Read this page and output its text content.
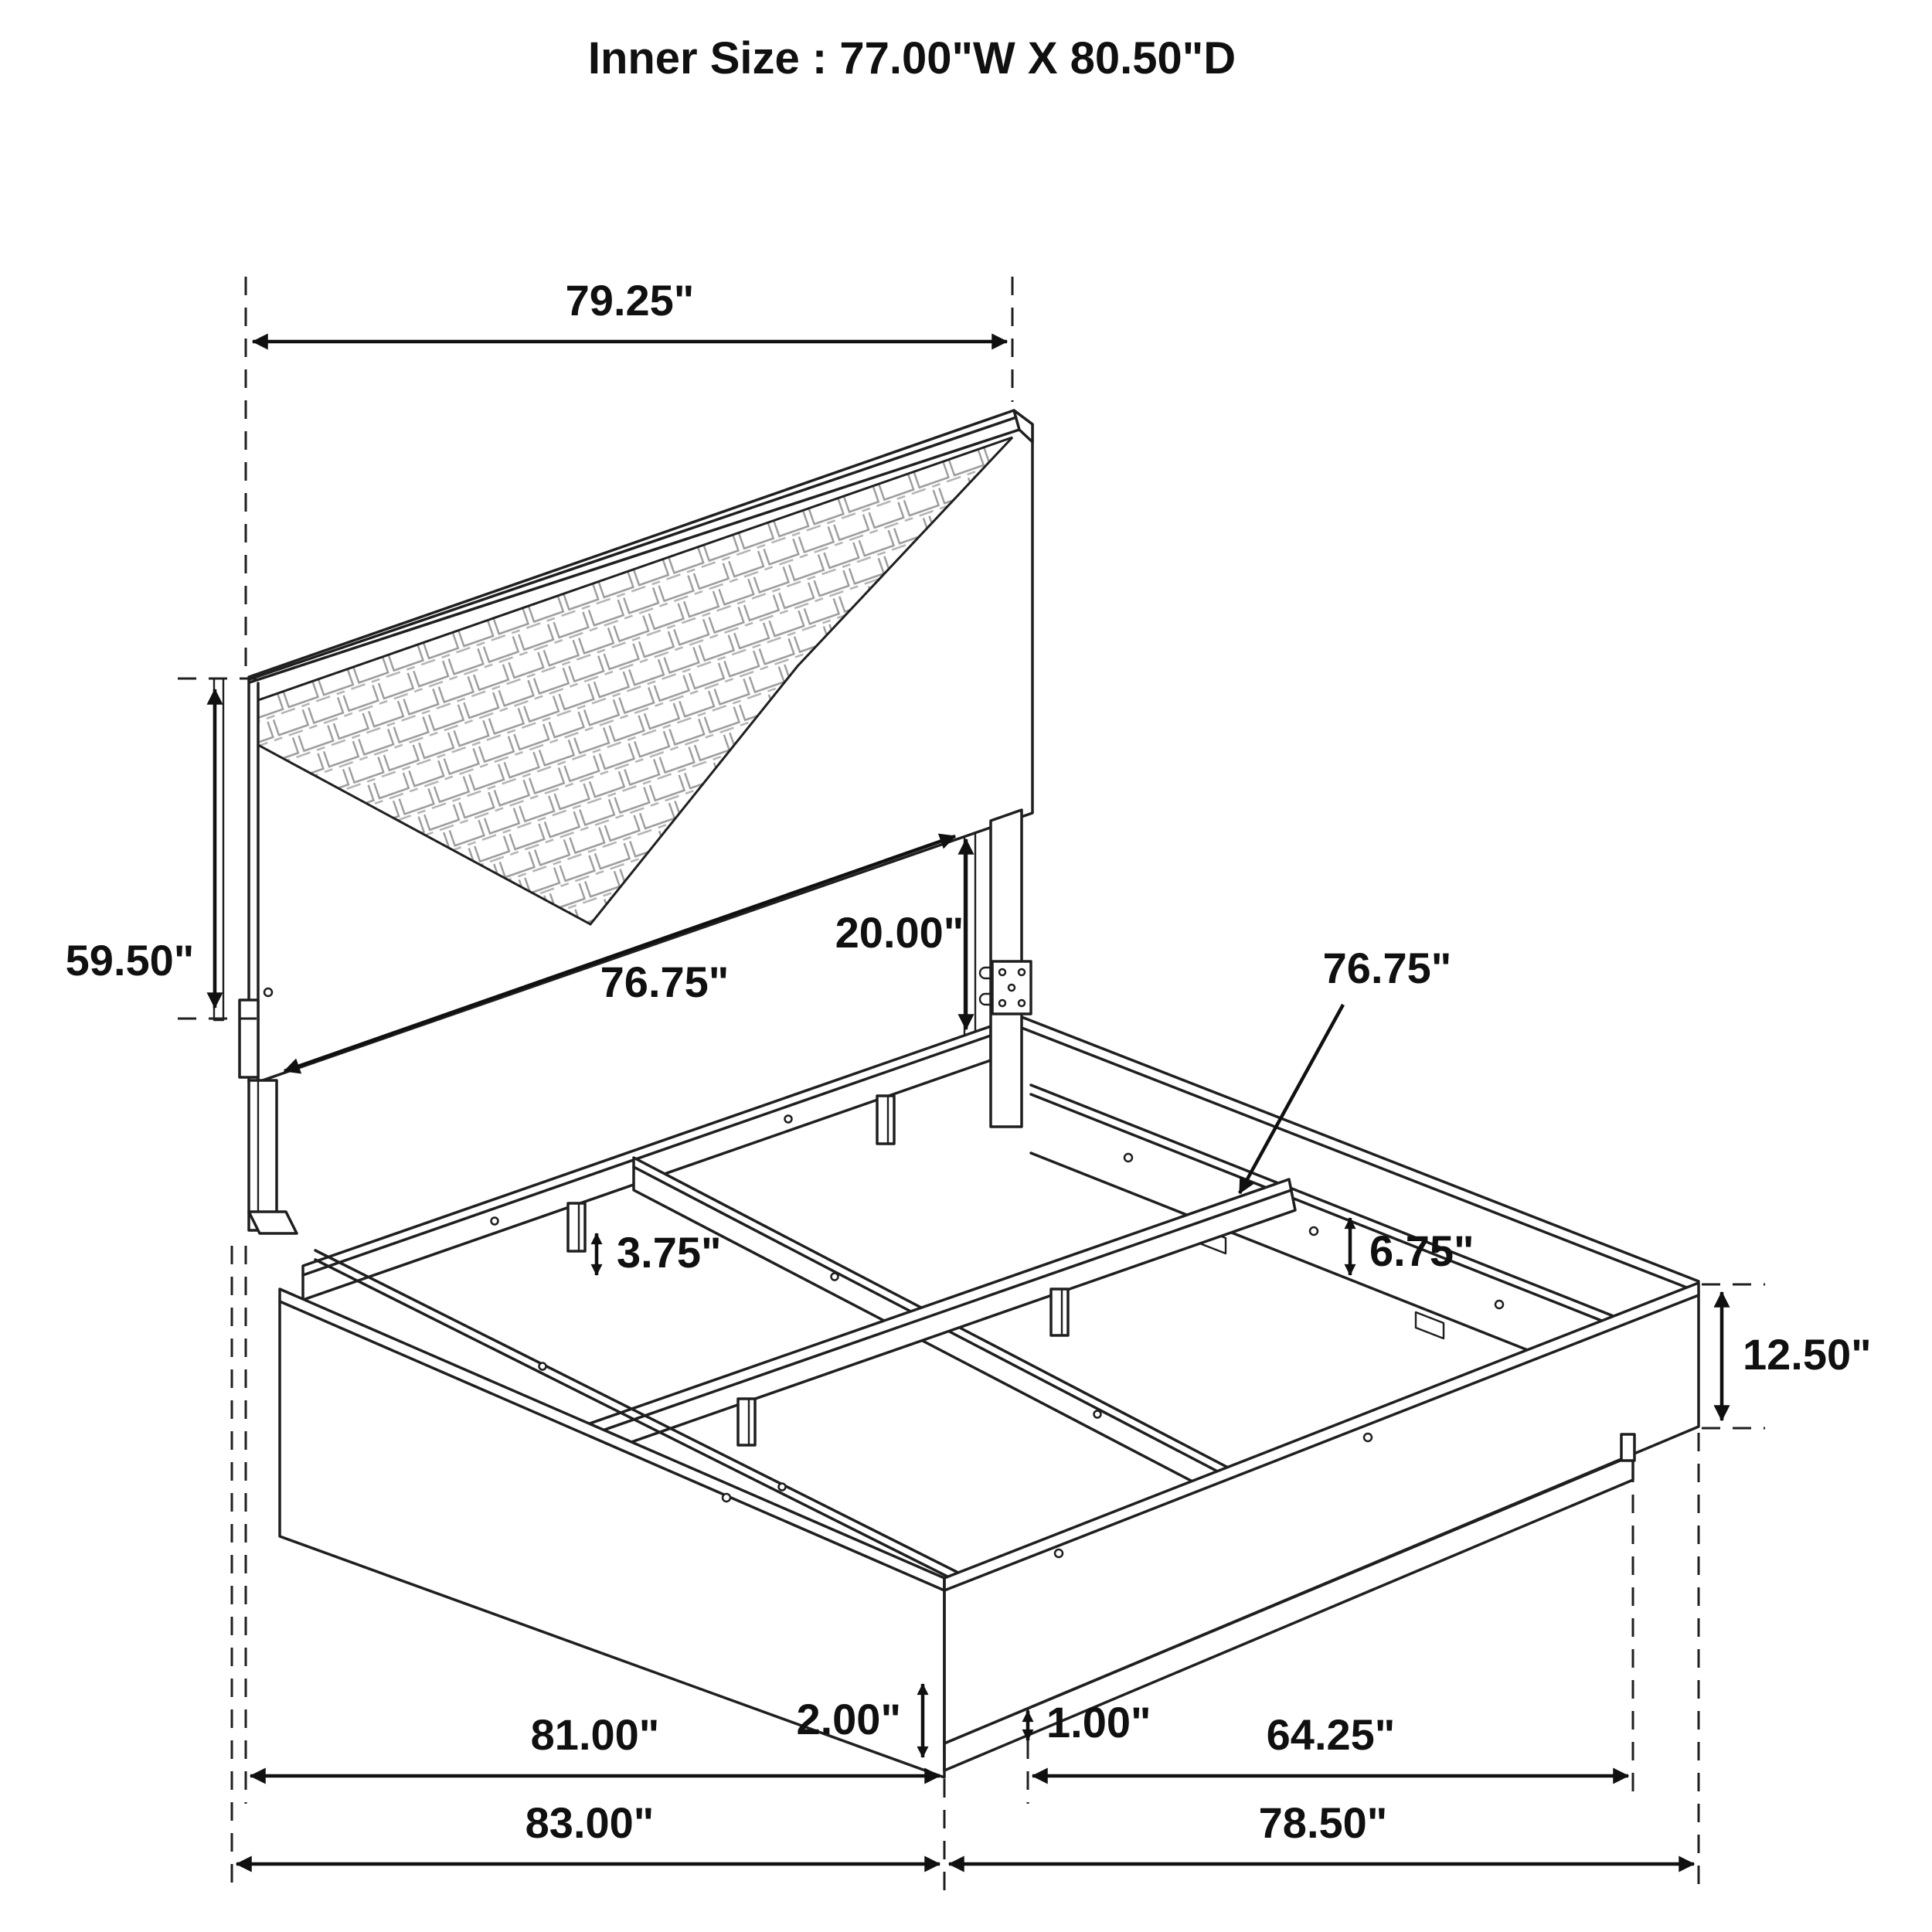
Inner Size : 77.00"W X 80.50"D
79.25"
59.50"	76.75"
20.00"
76.75"
6.75"
3.75"
12.50"
2.00"	1.00"
81.00"	64.25"
83.00"	78.50"
